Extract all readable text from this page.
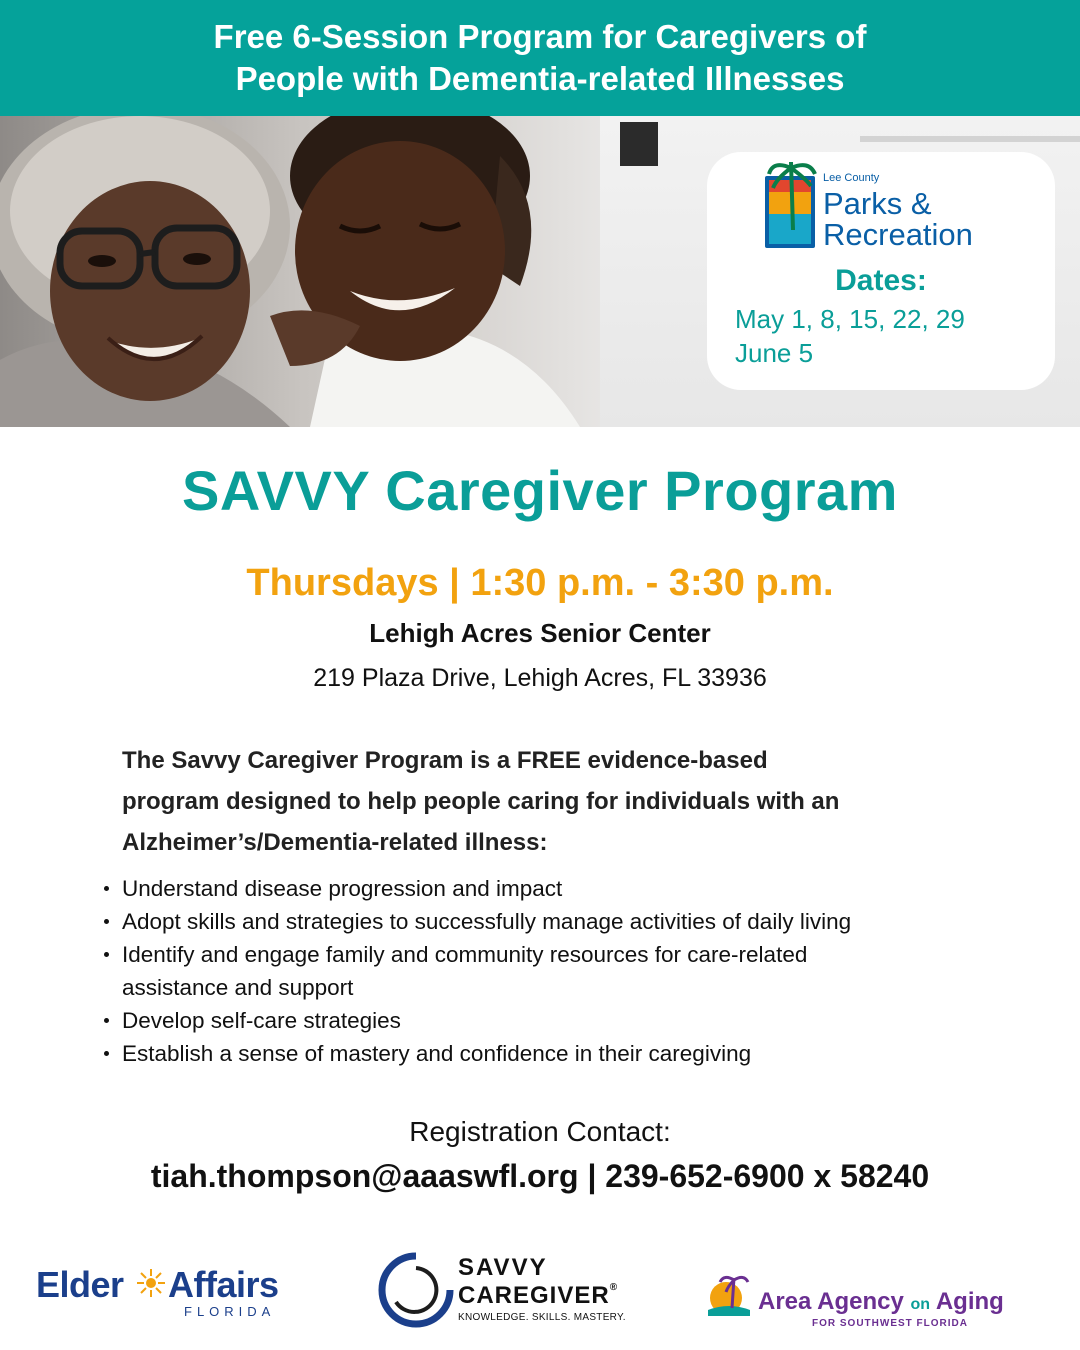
Free 6-Session Program for Caregivers of
People with Dementia-related Illnesses
Lee County
Parks &
Recreation
Dates:
May 1, 8, 15, 22, 29
June 5
SAVVY Caregiver Program
Thursdays | 1:30 p.m. - 3:30 p.m.
Lehigh Acres Senior Center
219 Plaza Drive, Lehigh Acres, FL 33936
The Savvy Caregiver Program is a FREE evidence-based
program designed to help people caring for individuals with an
Alzheimer’s/Dementia-related illness:
Understand disease progression and impact
Adopt skills and strategies to successfully manage activities of daily living
Identify and engage family and community resources for care-related
assistance and support
Develop self-care strategies
Establish a sense of mastery and confidence in their caregiving
Registration Contact:
tiah.thompson@aaaswfl.org | 239-652-6900 x 58240
Elder Affairs
FLORIDA
SAVVY
CAREGIVER®
KNOWLEDGE. SKILLS. MASTERY.
Area Agency on Aging
FOR SOUTHWEST FLORIDA
